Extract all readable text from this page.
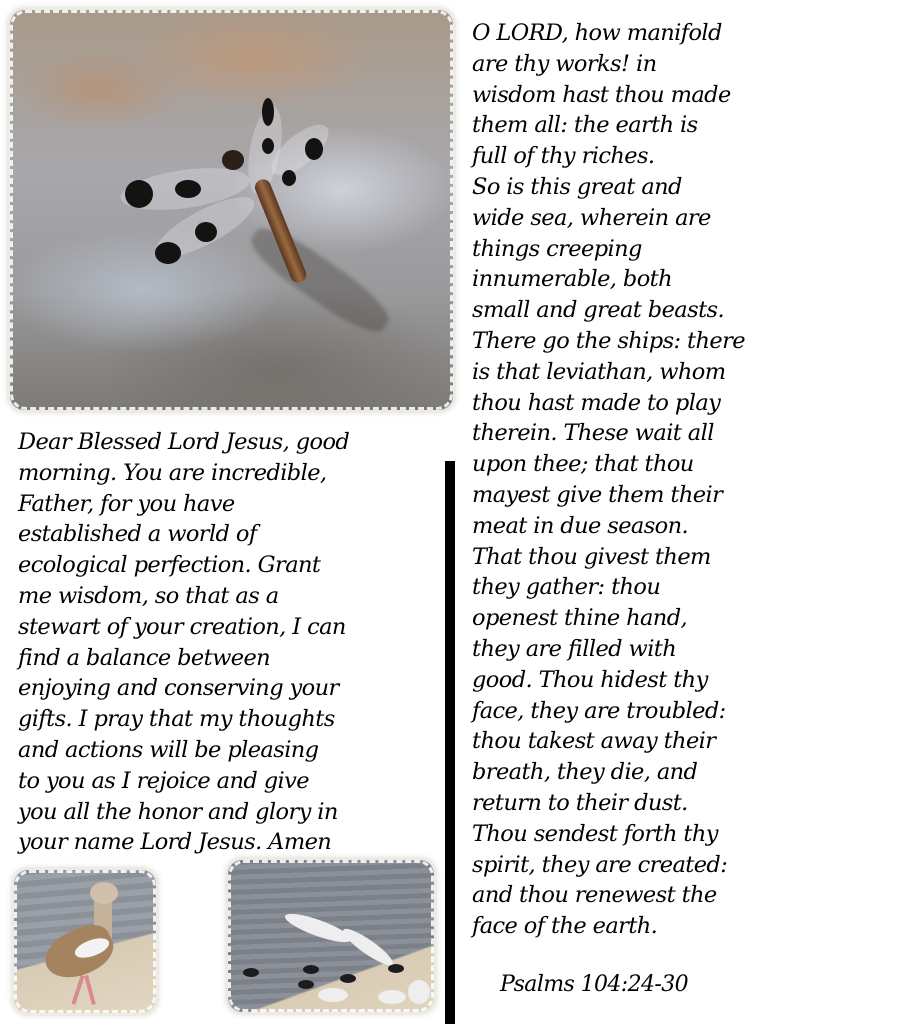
O LORD, how manifold
are thy works! in
wisdom hast thou made
them all: the earth is
full of thy riches.
So is this great and
wide sea, wherein are
things creeping
innumerable, both
small and great beasts.
There go the ships: there
is that leviathan, whom
thou hast made to play
therein. These wait all
upon thee; that thou
mayest give them their
meat in due season.
That thou givest them
they gather: thou
openest thine hand,
they are filled with
good. Thou hidest thy
face, they are troubled:
thou takest away their
breath, they die, and
return to their dust.
Thou sendest forth thy
spirit, they are created:
and thou renewest the
face of the earth.
Psalms 104:24-30
Dear Blessed Lord Jesus, good
morning. You are incredible,
Father, for you have
established a world of
ecological perfection. Grant
me wisdom, so that as a
stewart of your creation, I can
find a balance between
enjoying and conserving your
gifts. I pray that my thoughts
and actions will be pleasing
to you as I rejoice and give
you all the honor and glory in
your name Lord Jesus. Amen
